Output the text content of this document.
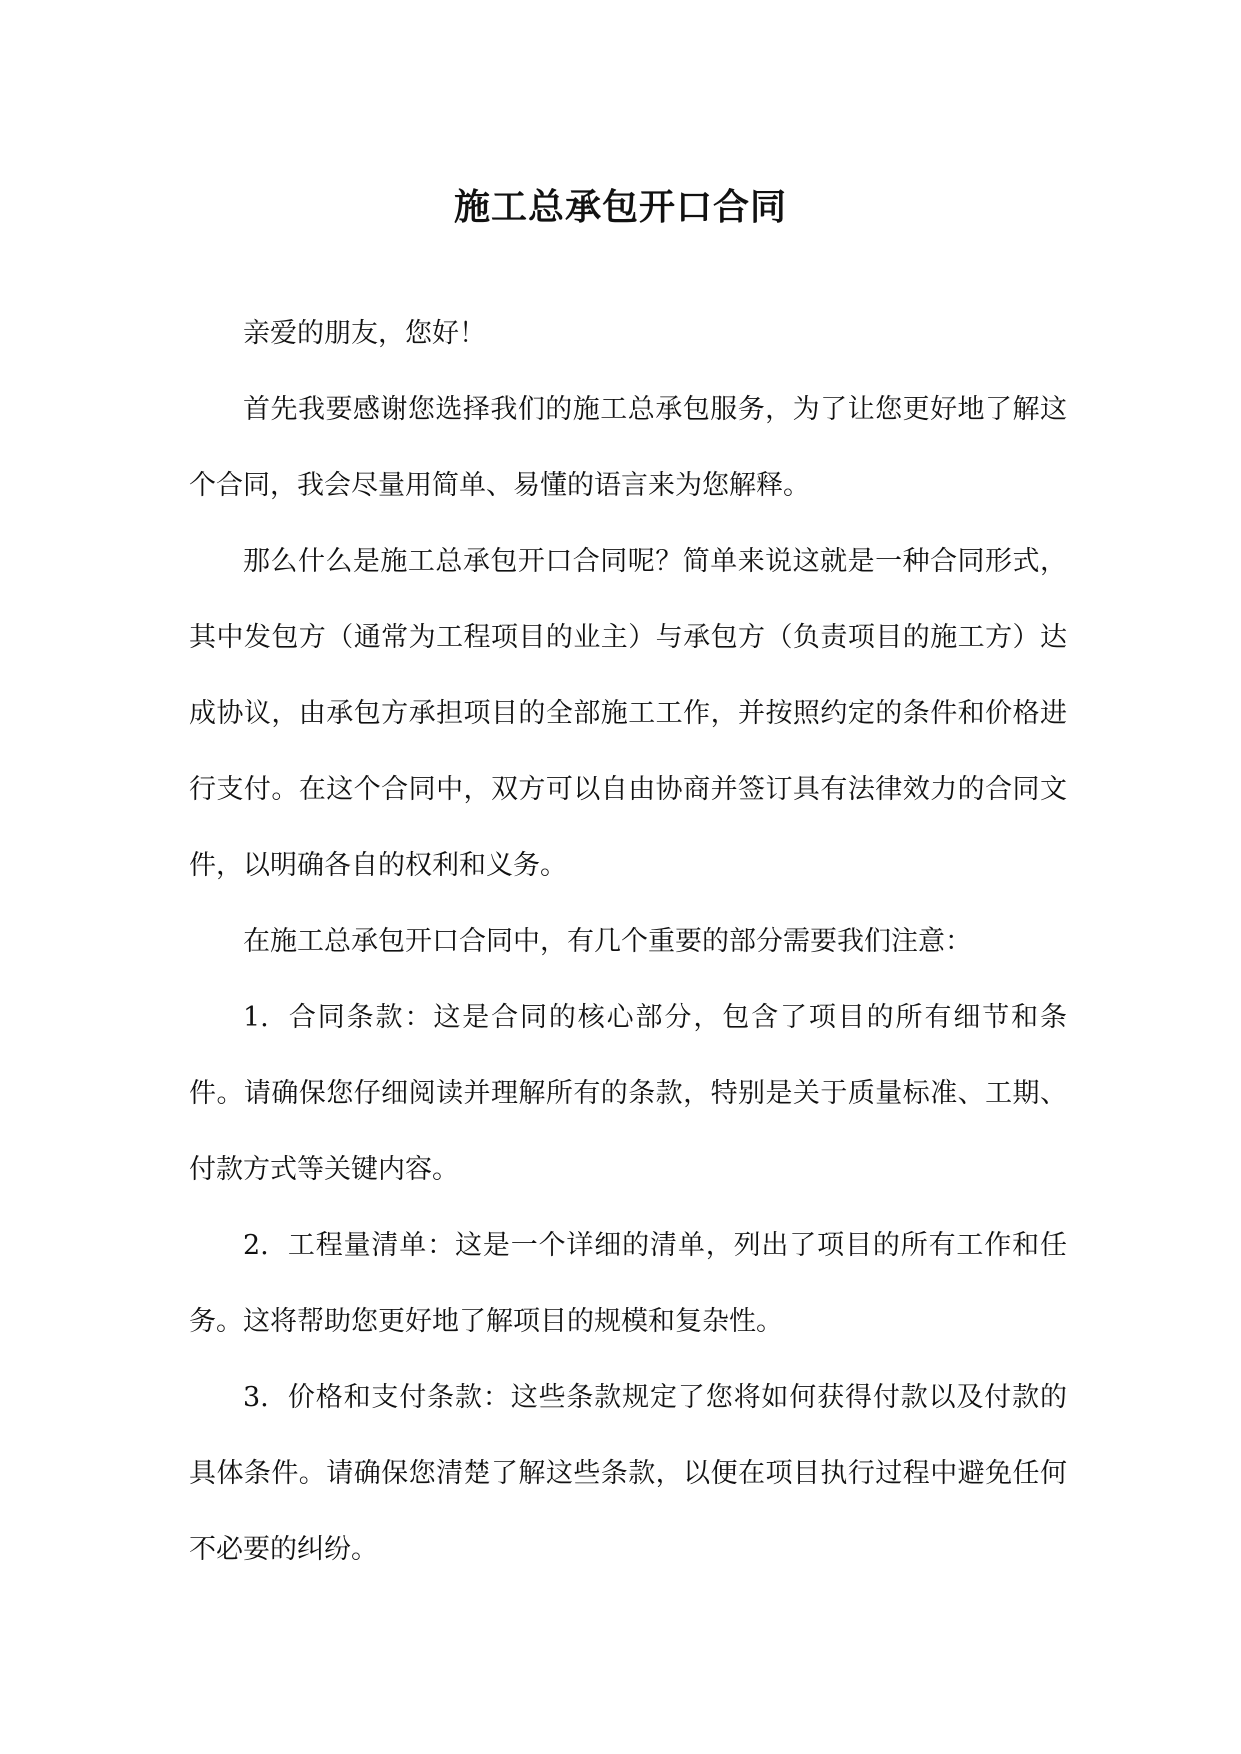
施工总承包开口合同

亲爱的朋友，您好！

首先我要感谢您选择我们的施工总承包服务，为了让您更好地了解这个合同，我会尽量用简单、易懂的语言来为您解释。

那么什么是施工总承包开口合同呢？简单来说这就是一种合同形式，其中发包方（通常为工程项目的业主）与承包方（负责项目的施工方）达成协议，由承包方承担项目的全部施工工作，并按照约定的条件和价格进行支付。在这个合同中，双方可以自由协商并签订具有法律效力的合同文件，以明确各自的权利和义务。

在施工总承包开口合同中，有几个重要的部分需要我们注意：

1. 合同条款：这是合同的核心部分，包含了项目的所有细节和条件。请确保您仔细阅读并理解所有的条款，特别是关于质量标准、工期、付款方式等关键内容。

2. 工程量清单：这是一个详细的清单，列出了项目的所有工作和任务。这将帮助您更好地了解项目的规模和复杂性。

3. 价格和支付条款：这些条款规定了您将如何获得付款以及付款的具体条件。请确保您清楚了解这些条款，以便在项目执行过程中避免任何不必要的纠纷。
